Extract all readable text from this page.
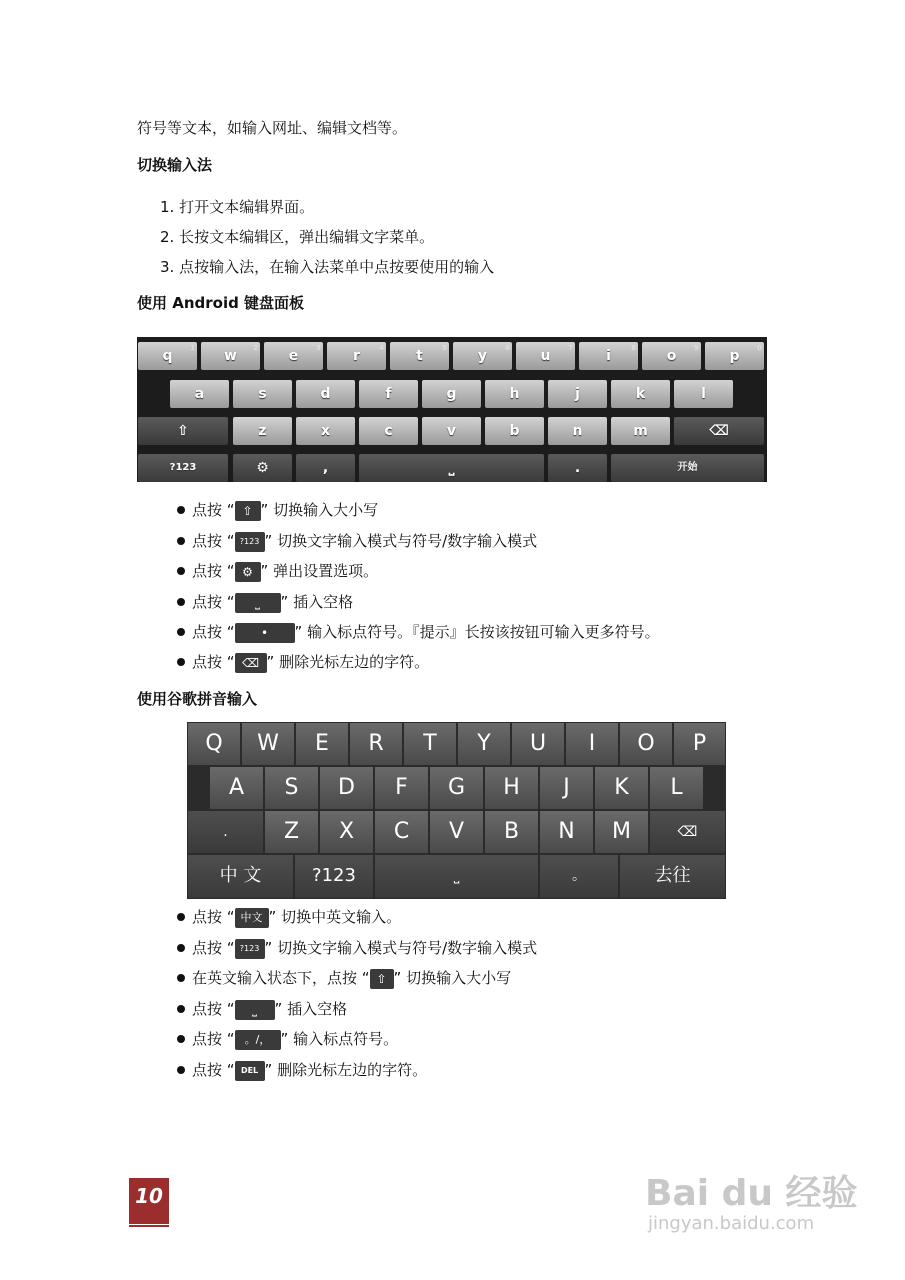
符号等文本，如输入网址、编辑文档等。
切换输入法
1. 打开文本编辑界面。
2. 长按文本编辑区，弹出编辑文字菜单。
3. 点按输入法，在输入法菜单中点按要使用的输入
使用 Android 键盘面板
q	1	w 2	e	3	r	4	t	5	y	6	u	7	i	8	o	9	p	0
a	s	d	f	g	h	j	k	l
⇧	z	x	c	v	b	n	m	⌫
?123	⚙	,	⎵	.	开始
点按 “ ⇧ ” 切换输入大小写
点按 “ ?123 ” 切换文字输入模式与符号/数字输入模式
点按 “ ⚙ ” 弹出设置选项。
点按 “ ⎵ ” 插入空格
点按 “ • ” 输入标点符号。『提示』长按该按钮可输入更多符号。
点按 “ ⌫ ” 删除光标左边的字符。
使用谷歌拼音输入
Q	W	E	R	T	Y	U	I	O	P
A	S	D	F	G	H	J	K	L
.	Z	X	C	V	B	N	M	⌫
中 文	?123	⎵	。	去往
点按 “ 中文 ” 切换中英文输入。
点按 “ ?123 ” 切换文字输入模式与符号/数字输入模式
在英文输入状态下，点按 “ ⇧ ” 切换输入大小写
点按 “ ⎵ ” 插入空格
点按 “ 。/， ” 输入标点符号。
点按 “ DEL ” 删除光标左边的字符。
10	Bai du 经验
jingyan.baidu.com
